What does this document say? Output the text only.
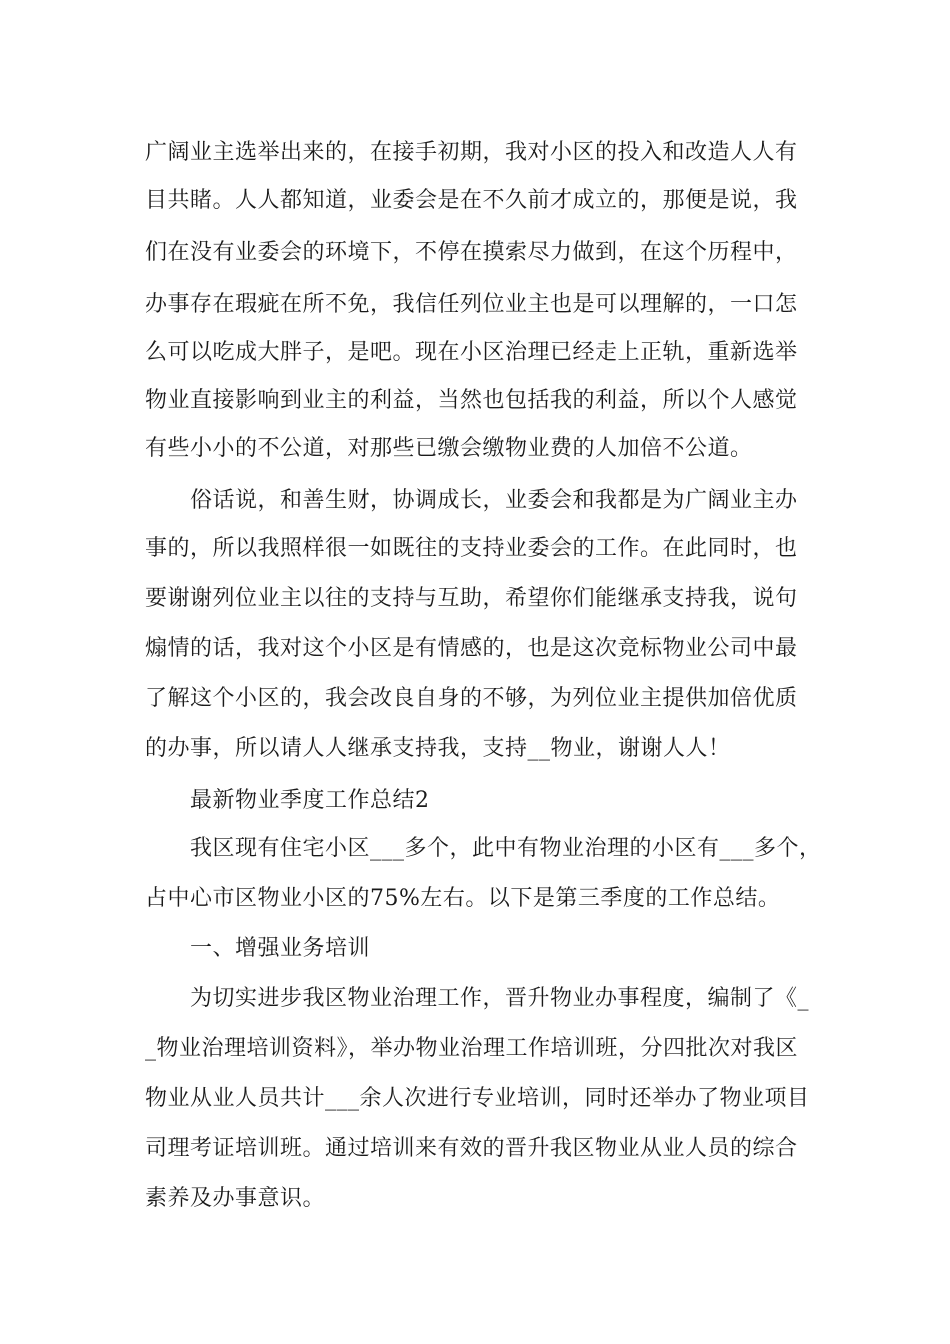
广阔业主选举出来的，在接手初期，我对小区的投入和改造人人有
目共睹。人人都知道，业委会是在不久前才成立的，那便是说，我
们在没有业委会的环境下，不停在摸索尽力做到，在这个历程中，
办事存在瑕疵在所不免，我信任列位业主也是可以理解的，一口怎
么可以吃成大胖子，是吧。现在小区治理已经走上正轨，重新选举
物业直接影响到业主的利益，当然也包括我的利益，所以个人感觉
有些小小的不公道，对那些已缴会缴物业费的人加倍不公道。
俗话说，和善生财，协调成长，业委会和我都是为广阔业主办
事的，所以我照样很一如既往的支持业委会的工作。在此同时，也
要谢谢列位业主以往的支持与互助，希望你们能继承支持我，说句
煽情的话，我对这个小区是有情感的，也是这次竞标物业公司中最
了解这个小区的，我会改良自身的不够，为列位业主提供加倍优质
的办事，所以请人人继承支持我，支持__物业，谢谢人人！
最新物业季度工作总结2
我区现有住宅小区___多个，此中有物业治理的小区有___多个，
占中心市区物业小区的75%左右。以下是第三季度的工作总结。
一、增强业务培训
为切实进步我区物业治理工作，晋升物业办事程度，编制了《_
_物业治理培训资料》，举办物业治理工作培训班，分四批次对我区
物业从业人员共计___余人次进行专业培训，同时还举办了物业项目
司理考证培训班。通过培训来有效的晋升我区物业从业人员的综合
素养及办事意识。
